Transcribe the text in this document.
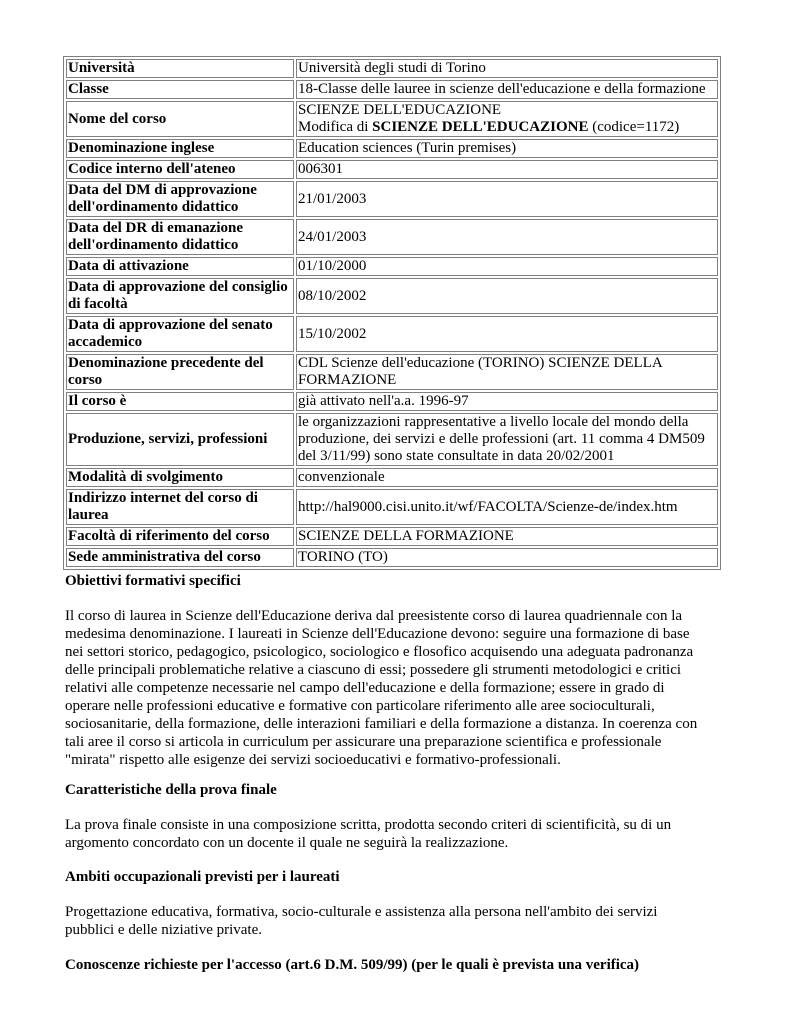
Università	Università degli studi di Torino
Classe	18-Classe delle lauree in scienze dell'educazione e della formazione
Nome del corso	SCIENZE DELL'EDUCAZIONE
Modifica di SCIENZE DELL'EDUCAZIONE (codice=1172)
Denominazione inglese	Education sciences (Turin premises)
Codice interno dell'ateneo	006301
Data del DM di approvazione dell'ordinamento didattico	21/01/2003
Data del DR di emanazione dell'ordinamento didattico	24/01/2003
Data di attivazione	01/10/2000
Data di approvazione del consiglio di facoltà	08/10/2002
Data di approvazione del senato accademico	15/10/2002
Denominazione precedente del corso	CDL Scienze dell'educazione (TORINO) SCIENZE DELLA FORMAZIONE
Il corso è	già attivato nell'a.a. 1996-97
Produzione, servizi, professioni	le organizzazioni rappresentative a livello locale del mondo della produzione, dei servizi e delle professioni (art. 11 comma 4 DM509 del 3/11/99) sono state consultate in data 20/02/2001
Modalità di svolgimento	convenzionale
Indirizzo internet del corso di laurea	http://hal9000.cisi.unito.it/wf/FACOLTA/Scienze-de/index.htm
Facoltà di riferimento del corso	SCIENZE DELLA FORMAZIONE
Sede amministrativa del corso	TORINO (TO)
Obiettivi formativi specifici
Il corso di laurea in Scienze dell'Educazione deriva dal preesistente corso di laurea quadriennale con la
medesima denominazione. I laureati in Scienze dell'Educazione devono: seguire una formazione di base
nei settori storico, pedagogico, psicologico, sociologico e flosofico acquisendo una adeguata padronanza
delle principali problematiche relative a ciascuno di essi; possedere gli strumenti metodologici e critici
relativi alle competenze necessarie nel campo dell'educazione e della formazione; essere in grado di
operare nelle professioni educative e formative con particolare riferimento alle aree socioculturali,
sociosanitarie, della formazione, delle interazioni familiari e della formazione a distanza. In coerenza con
tali aree il corso si articola in curriculum per assicurare una preparazione scientifica e professionale
"mirata" rispetto alle esigenze dei servizi socioeducativi e formativo-professionali.
Caratteristiche della prova finale
La prova finale consiste in una composizione scritta, prodotta secondo criteri di scientificità, su di un
argomento concordato con un docente il quale ne seguirà la realizzazione.
Ambiti occupazionali previsti per i laureati
Progettazione educativa, formativa, socio-culturale e assistenza alla persona nell'ambito dei servizi
pubblici e delle niziative private.
Conoscenze richieste per l'accesso (art.6 D.M. 509/99) (per le quali è prevista una verifica)
